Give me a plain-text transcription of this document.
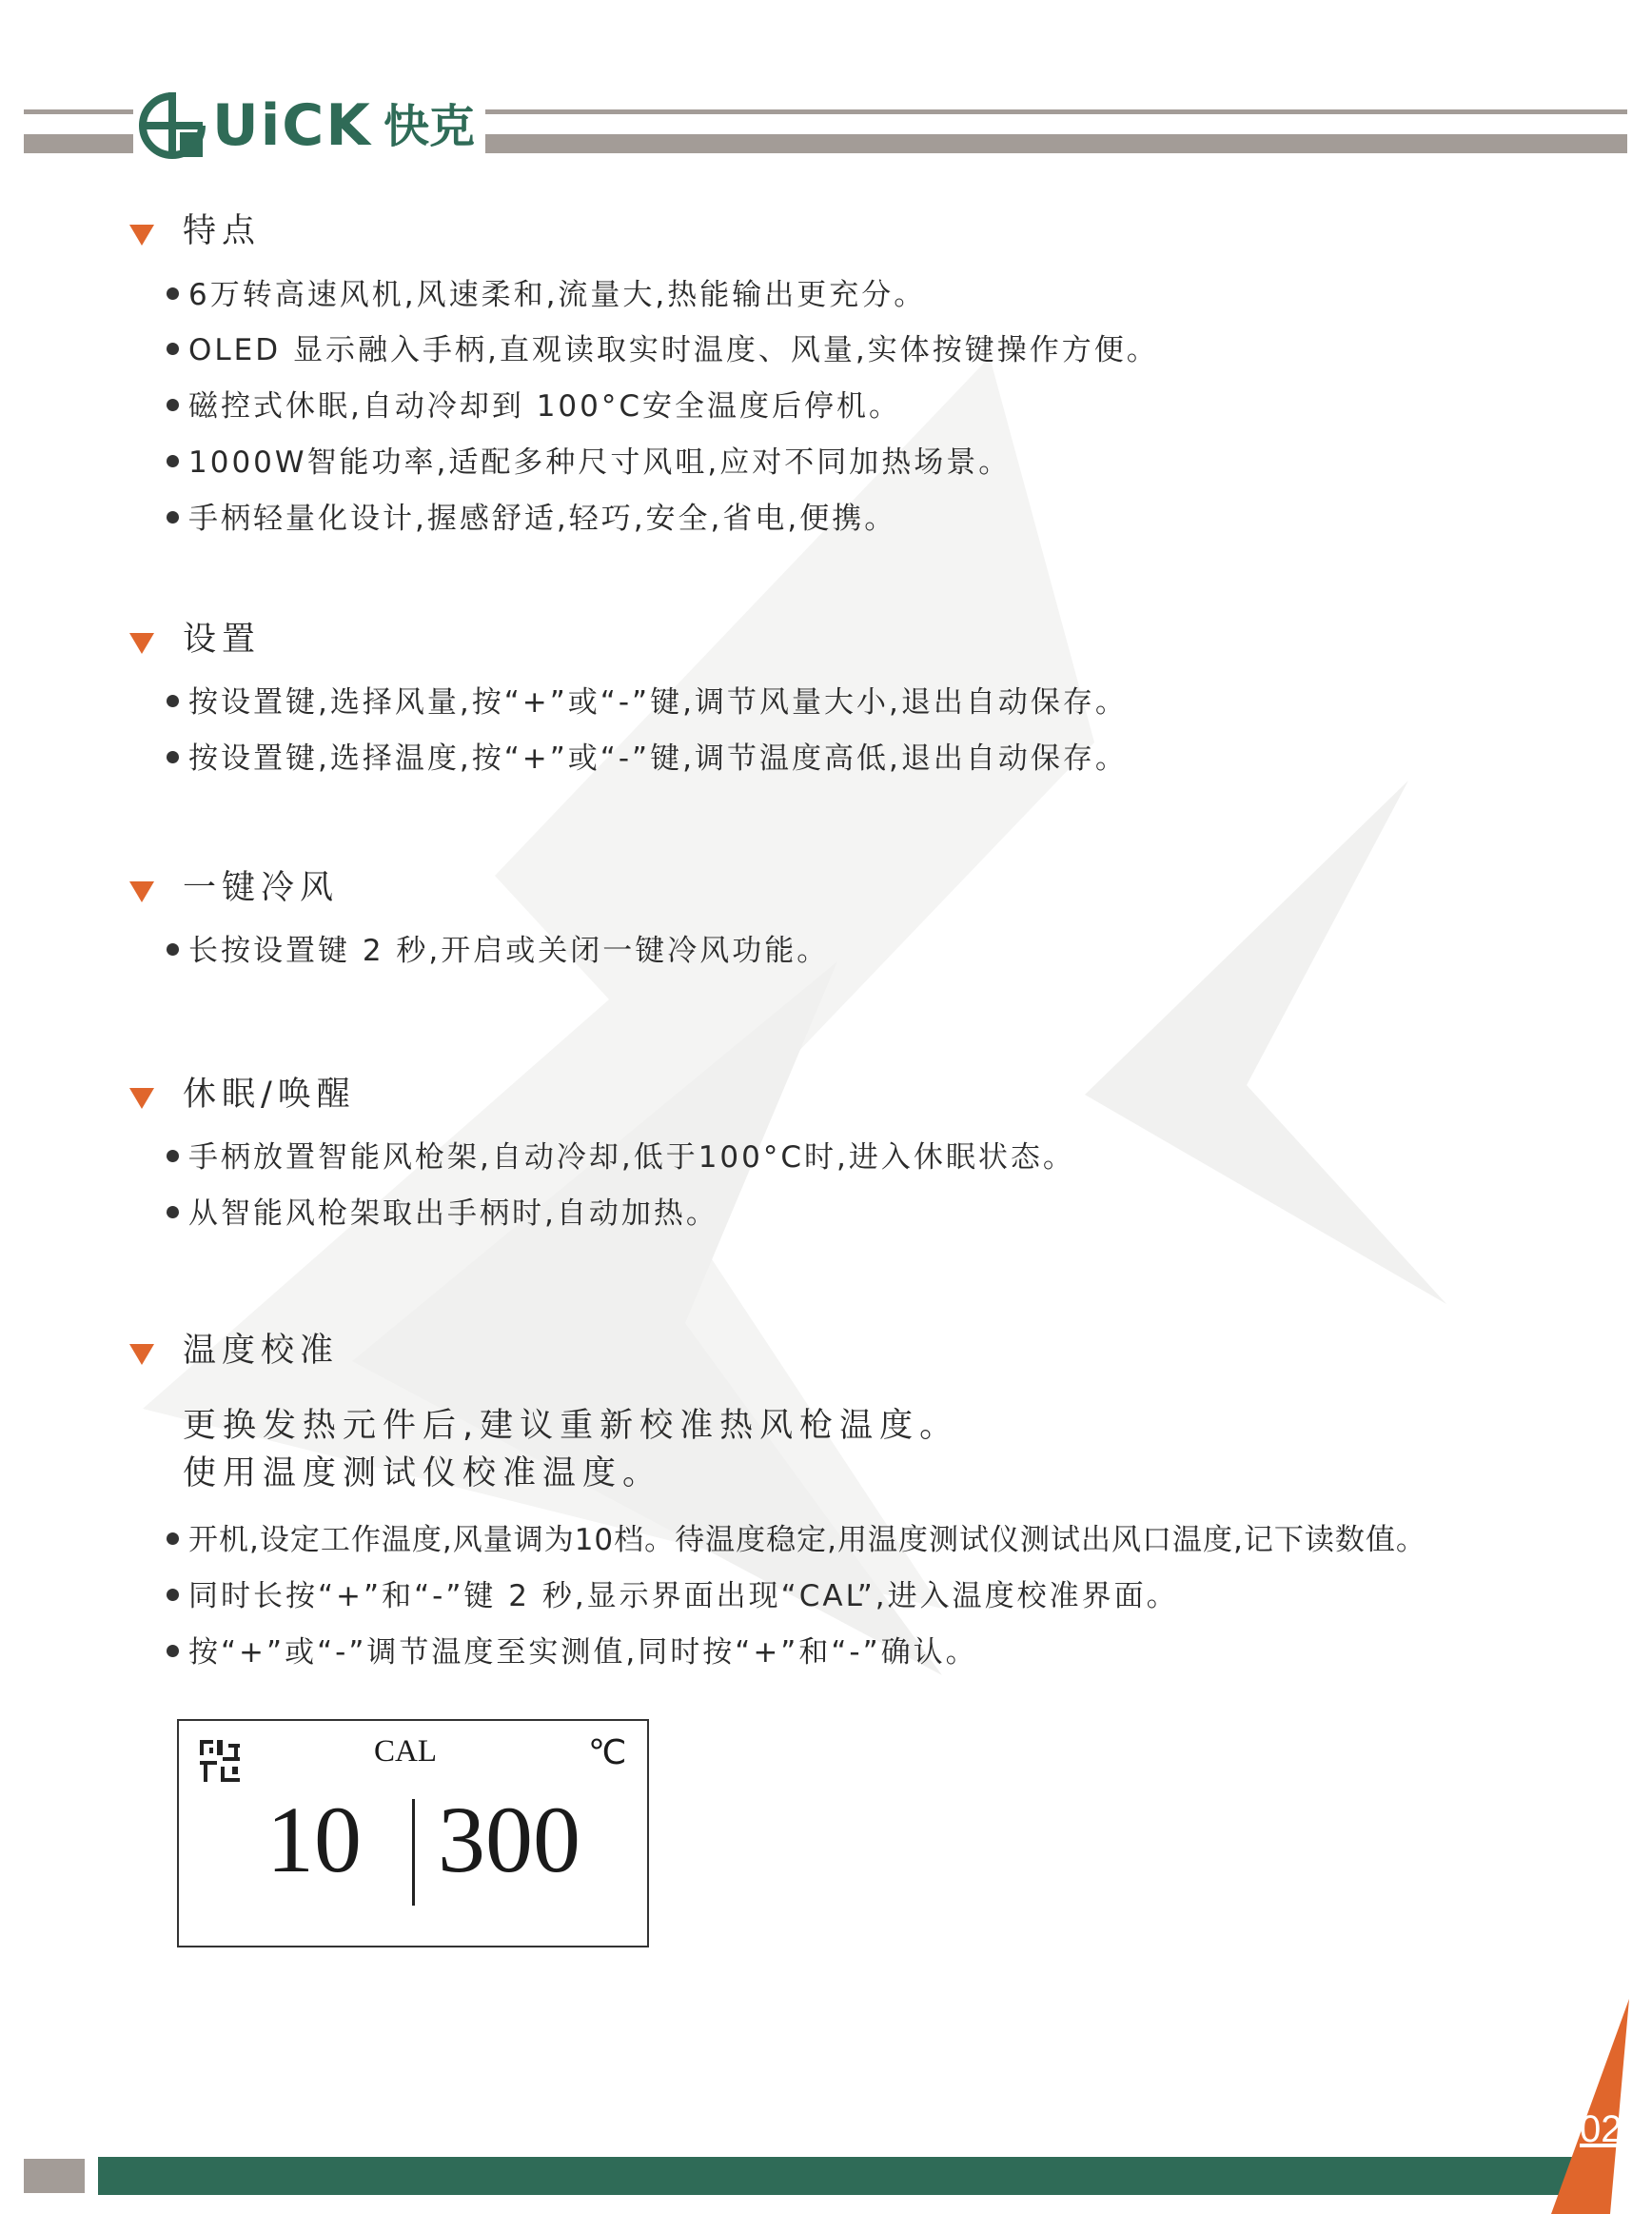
UiCK 快克
特点
6万转高速风机,风速柔和,流量大,热能输出更充分。
OLED 显示融入手柄,直观读取实时温度、风量,实体按键操作方便。
磁控式休眠,自动冷却到 100°C安全温度后停机。
1000W智能功率,适配多种尺寸风咀,应对不同加热场景。
手柄轻量化设计,握感舒适,轻巧,安全,省电,便携。
设置
按设置键,选择风量,按“+”或“-”键,调节风量大小,退出自动保存。
按设置键,选择温度,按“+”或“-”键,调节温度高低,退出自动保存。
一键冷风
长按设置键 2 秒,开启或关闭一键冷风功能。
休眠/唤醒
手柄放置智能风枪架,自动冷却,低于100°C时,进入休眠状态。
从智能风枪架取出手柄时,自动加热。
温度校准
更换发热元件后,建议重新校准热风枪温度。
使用温度测试仪校准温度。
开机,设定工作温度,风量调为10档。待温度稳定,用温度测试仪测试出风口温度,记下读数值。
同时长按“+”和“-”键 2 秒,显示界面出现“CAL”,进入温度校准界面。
按“+”或“-”调节温度至实测值,同时按“+”和“-”确认。
CAL	℃
10 300
02
